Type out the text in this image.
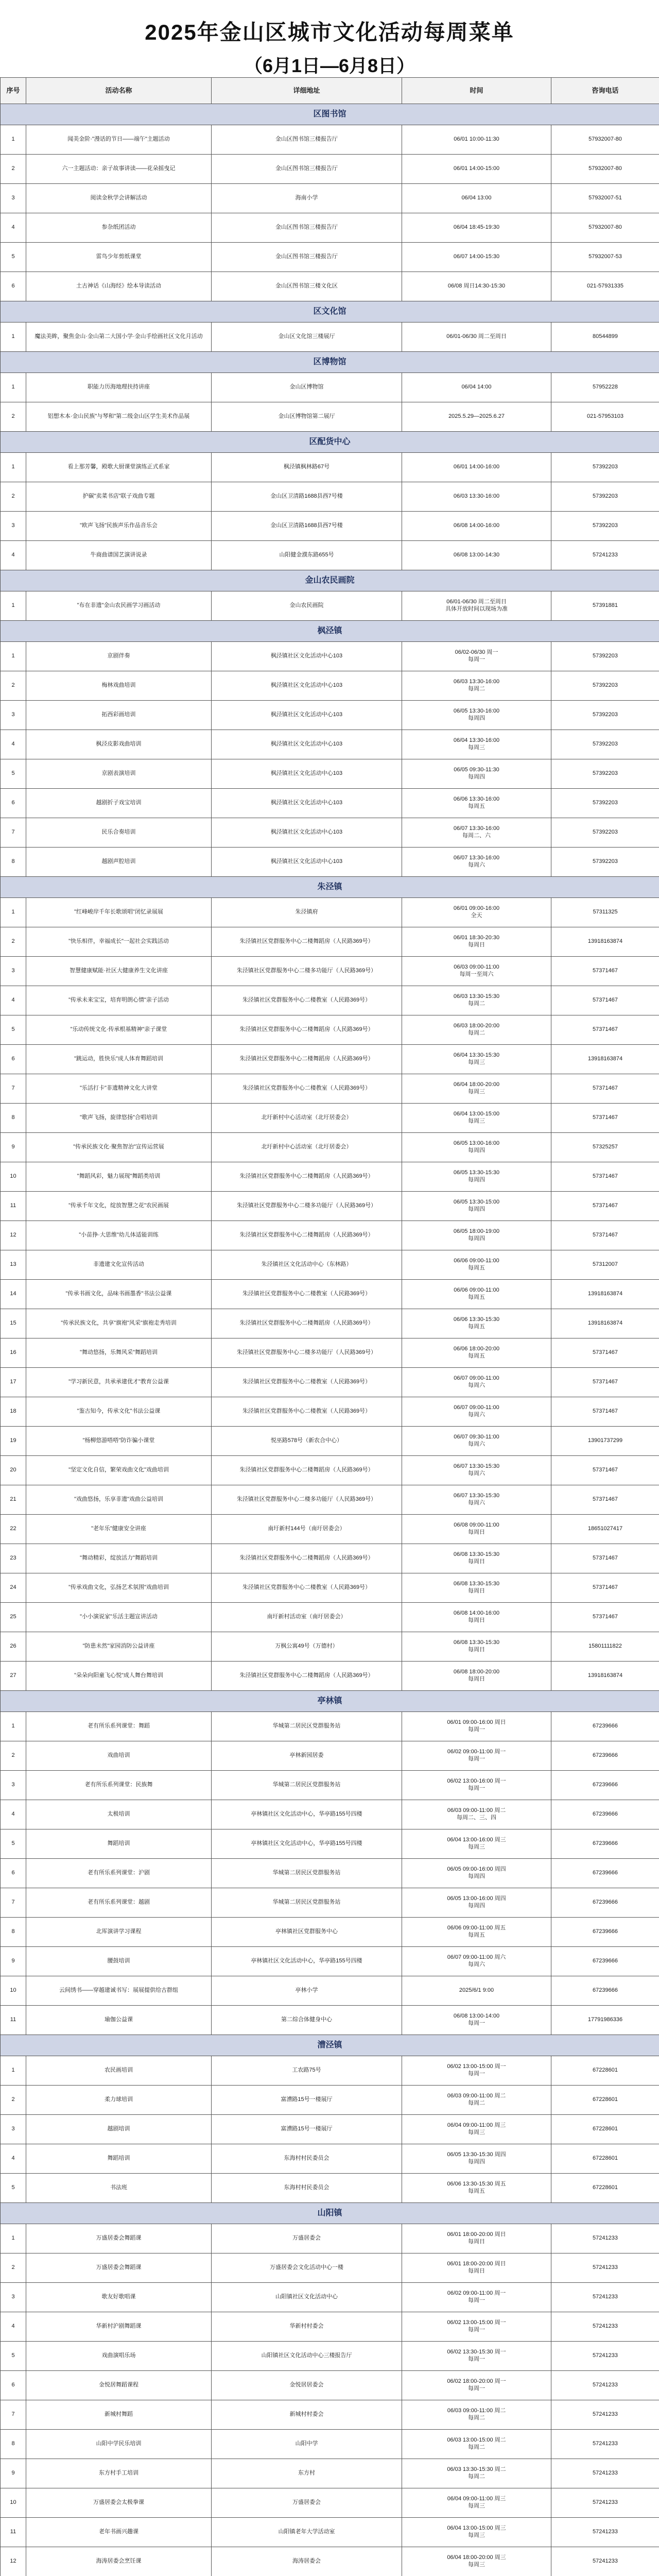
2025年金山区城市文化活动每周菜单
（6月1日—6月8日）
序号	活动名称	详细地址	时间	咨询电话
区图书馆				
1	闻美金阶·"漫话的节日——端午"主题活动	金山区图书馆三楼报告厅	06/01 10:00-11:30	57932007-80
2	六一主题活动：亲子故事讲读——花朵摇曳记	金山区图书馆三楼报告厅	06/01 14:00-15:00	57932007-80
3	阅读金秋学会讲解活动	海南小学	06/04 13:00	57932007-51
4	参杂纸团活动	金山区图书馆三楼报告厅	06/04 18:45-19:30	57932007-80
5	雷鸟少年剪纸课堂	金山区图书馆三楼报告厅	06/07 14:00-15:30	57932007-53
6	土古神话《山海经》绘本导读活动	金山区图书馆三楼文化区	06/08 周日14:30-15:30	021-57931335
区文化馆				
1	魔法美眸，聚焦金山·金山第二大国小学·金山手绘画社区文化月活动	金山区文化馆三楼展厅	06/01-06/30 周二至周日	80544899
区博物馆				
1	职能力历海地理扶持讲座	金山区博物馆	06/04 14:00	57952228
2	铝想木本·金山民族"与琴和"第二级金山区学生美术作品展	金山区博物馆第二展厅	2025.5.29—2025.6.27	021-57953103
区配货中心				
1	看上那芳馨，殿歌大厨课堂演练正式系家	枫泾镇枫林路67号	06/01 14:00-16:00	57392203
2	护碳"卖菜书店"联子戏曲专题	金山区卫清路1688县西7号楼	06/03 13:30-16:00	57392203
3	"欧声飞扬"民族声乐作品音乐会	金山区卫清路1688县西7号楼	06/08 14:00-16:00	57392203
4	牛商曲谱国艺演讲说录	山阳健金濮东路655号	06/08 13:00-14:30	57241233
金山农民画院				
1	"布在非遗"金山农民画学习画活动	金山农民画院	06/01-06/30 周二至周日
具体开放时间以现场为准	57391881
枫泾镇				
1	京剧伴奏	枫泾镇社区文化活动中心103	06/02-06/30 周一
每周一	57392203
2	梅林戏曲培训	枫泾镇社区文化活动中心103	06/03 13:30-16:00
每周二	57392203
3	拓西彩画培训	枫泾镇社区文化活动中心103	06/05 13:30-16:00
每周四	57392203
4	枫泾皮影戏曲培训	枫泾镇社区文化活动中心103	06/04 13:30-16:00
每周三	57392203
5	京剧表演培训	枫泾镇社区文化活动中心103	06/05 09:30-11:30
每周四	57392203
6	越剧折子戏宝培训	枫泾镇社区文化活动中心103	06/06 13:30-16:00
每周五	57392203
7	民乐合奏培训	枫泾镇社区文化活动中心103	06/07 13:30-16:00
每周二、六	57392203
8	越剧声腔培训	枫泾镇社区文化活动中心103	06/07 13:30-16:00
每周六	57392203
朱泾镇				
1	"红峰峻岸千年长歌颂唱"闭忆录展展	朱泾镇府	06/01 09:00-16:00
全天	57311325
2	"快乐相伴，幸福成长"一起社会实践活动	朱泾镇社区党群服务中心二楼舞蹈房（人民路369号）	06/01 18:30-20:30
每周日	13918163874
3	智慧健康赋能·社区大健康养生文化讲座	朱泾镇社区党群服务中心二楼多功能厅（人民路369号）	06/03 09:00-11:00
每周一至周六	57371467
4	"传承未来宝宝，培育明朗心情"亲子活动	朱泾镇社区党群服务中心二楼教室（人民路369号）	06/03 13:30-15:30
每周二	57371467
5	"乐动传统文化·传承根基精神"亲子课堂	朱泾镇社区党群服务中心二楼舞蹈房（人民路369号）	06/03 18:00-20:00
每周二	57371467
6	"跳运动，胜快乐"成人体育舞蹈培训	朱泾镇社区党群服务中心二楼舞蹈房（人民路369号）	06/04 13:30-15:30
每周三	13918163874
7	"乐活打卡"非遗精神文化大讲堂	朱泾镇社区党群服务中心二楼教室（人民路369号）	06/04 18:00-20:00
每周三	57371467
8	"歌声飞扬，旋律悠扬"合唱培训	北圩新村中心活动室（北圩居委会）	06/04 13:00-15:00
每周三	57371467
9	"传承民族文化·聚焦智治"宣传运营展	北圩新村中心活动室（北圩居委会）	06/05 13:00-16:00
每周四	57325257
10	"舞蹈风彩，魅力展现"舞蹈类培训	朱泾镇社区党群服务中心二楼舞蹈房（人民路369号）	06/05 13:30-15:30
每周四	57371467
11	"传承千年文化，绽放智慧之花"农民画展	朱泾镇社区党群服务中心二楼多功能厅（人民路369号）	06/05 13:30-15:00
每周四	57371467
12	"小苗挣·大思维"幼儿体适能训练	朱泾镇社区党群服务中心二楼舞蹈房（人民路369号）	06/05 18:00-19:00
每周四	57371467
13	非遗建文化宣传活动	朱泾镇社区文化活动中心（东林路）	06/06 09:00-11:00
每周五	57312007
14	"传承书画文化，品味书画墨香"书法公益课	朱泾镇社区党群服务中心二楼教室（人民路369号）	06/06 09:00-11:00
每周五	13918163874
15	"传承民族文化，共享"旗袍"风采"旗袍走秀培训	朱泾镇社区党群服务中心二楼舞蹈房（人民路369号）	06/06 13:30-15:30
每周五	13918163874
16	"舞动悠扬，乐舞风采"舞蹈培训	朱泾镇社区党群服务中心二楼多功能厅（人民路369号）	06/06 18:00-20:00
每周五	57371467
17	"学习新民意，共承承建优才"教育公益课	朱泾镇社区党群服务中心二楼教室（人民路369号）	06/07 09:00-11:00
每周六	57371467
18	"鉴古知今，传承文化"书法公益课	朱泾镇社区党群服务中心二楼教室（人民路369号）	06/07 09:00-11:00
每周六	57371467
19	"杨柳悠游嗒嗒"防诈骗小课堂	悦巫路578号（新农合中心）	06/07 09:30-11:00
每周六	13901737299
20	"坚定文化自信，繁荣戏曲文化"戏曲培训	朱泾镇社区党群服务中心二楼舞蹈房（人民路369号）	06/07 13:30-15:30
每周六	57371467
21	"戏曲悠扬，乐享非遗"戏曲公益培训	朱泾镇社区党群服务中心二楼多功能厅（人民路369号）	06/07 13:30-15:30
每周六	57371467
22	"老年乐"健康安全讲座	南圩新村144号（南圩居委会）	06/08 09:00-11:00
每周日	18651027417
23	"舞动精彩，绽放活力"舞蹈培训	朱泾镇社区党群服务中心二楼舞蹈房（人民路369号）	06/08 13:30-15:30
每周日	57371467
24	"传承戏曲文化，弘扬艺术氛围"戏曲培训	朱泾镇社区党群服务中心二楼教室（人民路369号）	06/08 13:30-15:30
每周日	57371467
25	"小小演说家"乐活主题宣讲活动	南圩新村活动室（南圩居委会）	06/08 14:00-16:00
每周日	57371467
26	"防患未然"家园消防公益讲座	万枫公寓49号（万德村）	06/08 13:30-15:30
每周日	15801111822
27	"朵朵向阳童飞心悦"成人舞台舞培训	朱泾镇社区党群服务中心二楼舞蹈房（人民路369号）	06/08 18:00-20:00
每周日	13918163874
亭林镇				
1	老有所乐系列课堂：舞蹈	华城第二居民区党群服务站	06/01 09:00-16:00 周日
每周一	67239666
2	戏曲培训	亭林新园居委	06/02 09:00-11:00 周一
每周一	67239666
3	老有所乐系列课堂：民族舞	华城第二居民区党群服务站	06/02 13:00-16:00 周一
每周一	67239666
4	太极培训	亭林镇社区文化活动中心，华亭路155号四楼	06/03 09:00-11:00 周二
每周二、三、四	67239666
5	舞蹈培训	亭林镇社区文化活动中心，华亭路155号四楼	06/04 13:00-16:00 周三
每周三	67239666
6	老有所乐系列课堂：沪剧	华城第二居民区党群服务站	06/05 09:00-16:00 周四
每周四	67239666
7	老有所乐系列课堂：越剧	华城第二居民区党群服务站	06/05 13:00-16:00 周四
每周四	67239666
8	北厍演讲学习课程	亭林镇社区党群服务中心	06/06 09:00-11:00 周五
每周五	67239666
9	腰鼓培训	亭林镇社区文化活动中心，华亭路155号四楼	06/07 09:00-11:00 周六
每周六	67239666
10	云间绣书——穿越建诚书写：展展提供给古群组	亭林小学	2025/6/1 9:00	67239666
11	瑜伽公益课	第二综合体健身中心	06/08 13:00-14:00
每周一	17791986336
漕泾镇				
1	农民画培训	工农路75号	06/02 13:00-15:00 周一
每周一	67228601
2	柔力球培训	富漕路15号一楼展厅	06/03 09:00-11:00 周二
每周二	67228601
3	越剧培训	富漕路15号一楼展厅	06/04 09:00-11:00 周三
每周三	67228601
4	舞蹈培训	东海村村民委员会	06/05 13:30-15:30 周四
每周四	67228601
5	书法班	东海村村民委员会	06/06 13:30-15:30 周五
每周五	67228601
山阳镇				
1	万盛居委会舞蹈课	万盛居委会	06/01 18:00-20:00 周日
每周日	57241233
2	万盛居委会舞蹈课	万盛居委会文化活动中心一楼	06/01 18:00-20:00 周日
每周日	57241233
3	歌友好歌唱课	山阳镇社区文化活动中心	06/02 09:00-11:00 周一
每周一	57241233
4	华新村沪剧舞蹈课	华新村村委会	06/02 13:00-15:00 周一
每周一	57241233
5	戏曲演唱乐场	山阳镇社区文化活动中心三楼报告厅	06/02 13:30-15:30 周一
每周一	57241233
6	金悦居舞蹈课程	金悦居居委会	06/02 18:00-20:00 周一
每周一	57241233
7	新城村舞蹈	新城村村委会	06/03 09:00-11:00 周二
每周二	57241233
8	山阳中学民乐培训	山阳中学	06/03 13:00-15:00 周二
每周二	57241233
9	东方村手工培训	东方村	06/03 13:30-15:30 周二
每周二	57241233
10	万盛居委会太极拳课	万盛居委会	06/04 09:00-11:00 周三
每周三	57241233
11	老年书画兴趣课	山阳镇老年大学活动室	06/04 13:00-15:00 周三
每周三	57241233
12	海涛居委会烹饪课	海涛居委会	06/04 18:00-20:00 周三
每周三	57241233
